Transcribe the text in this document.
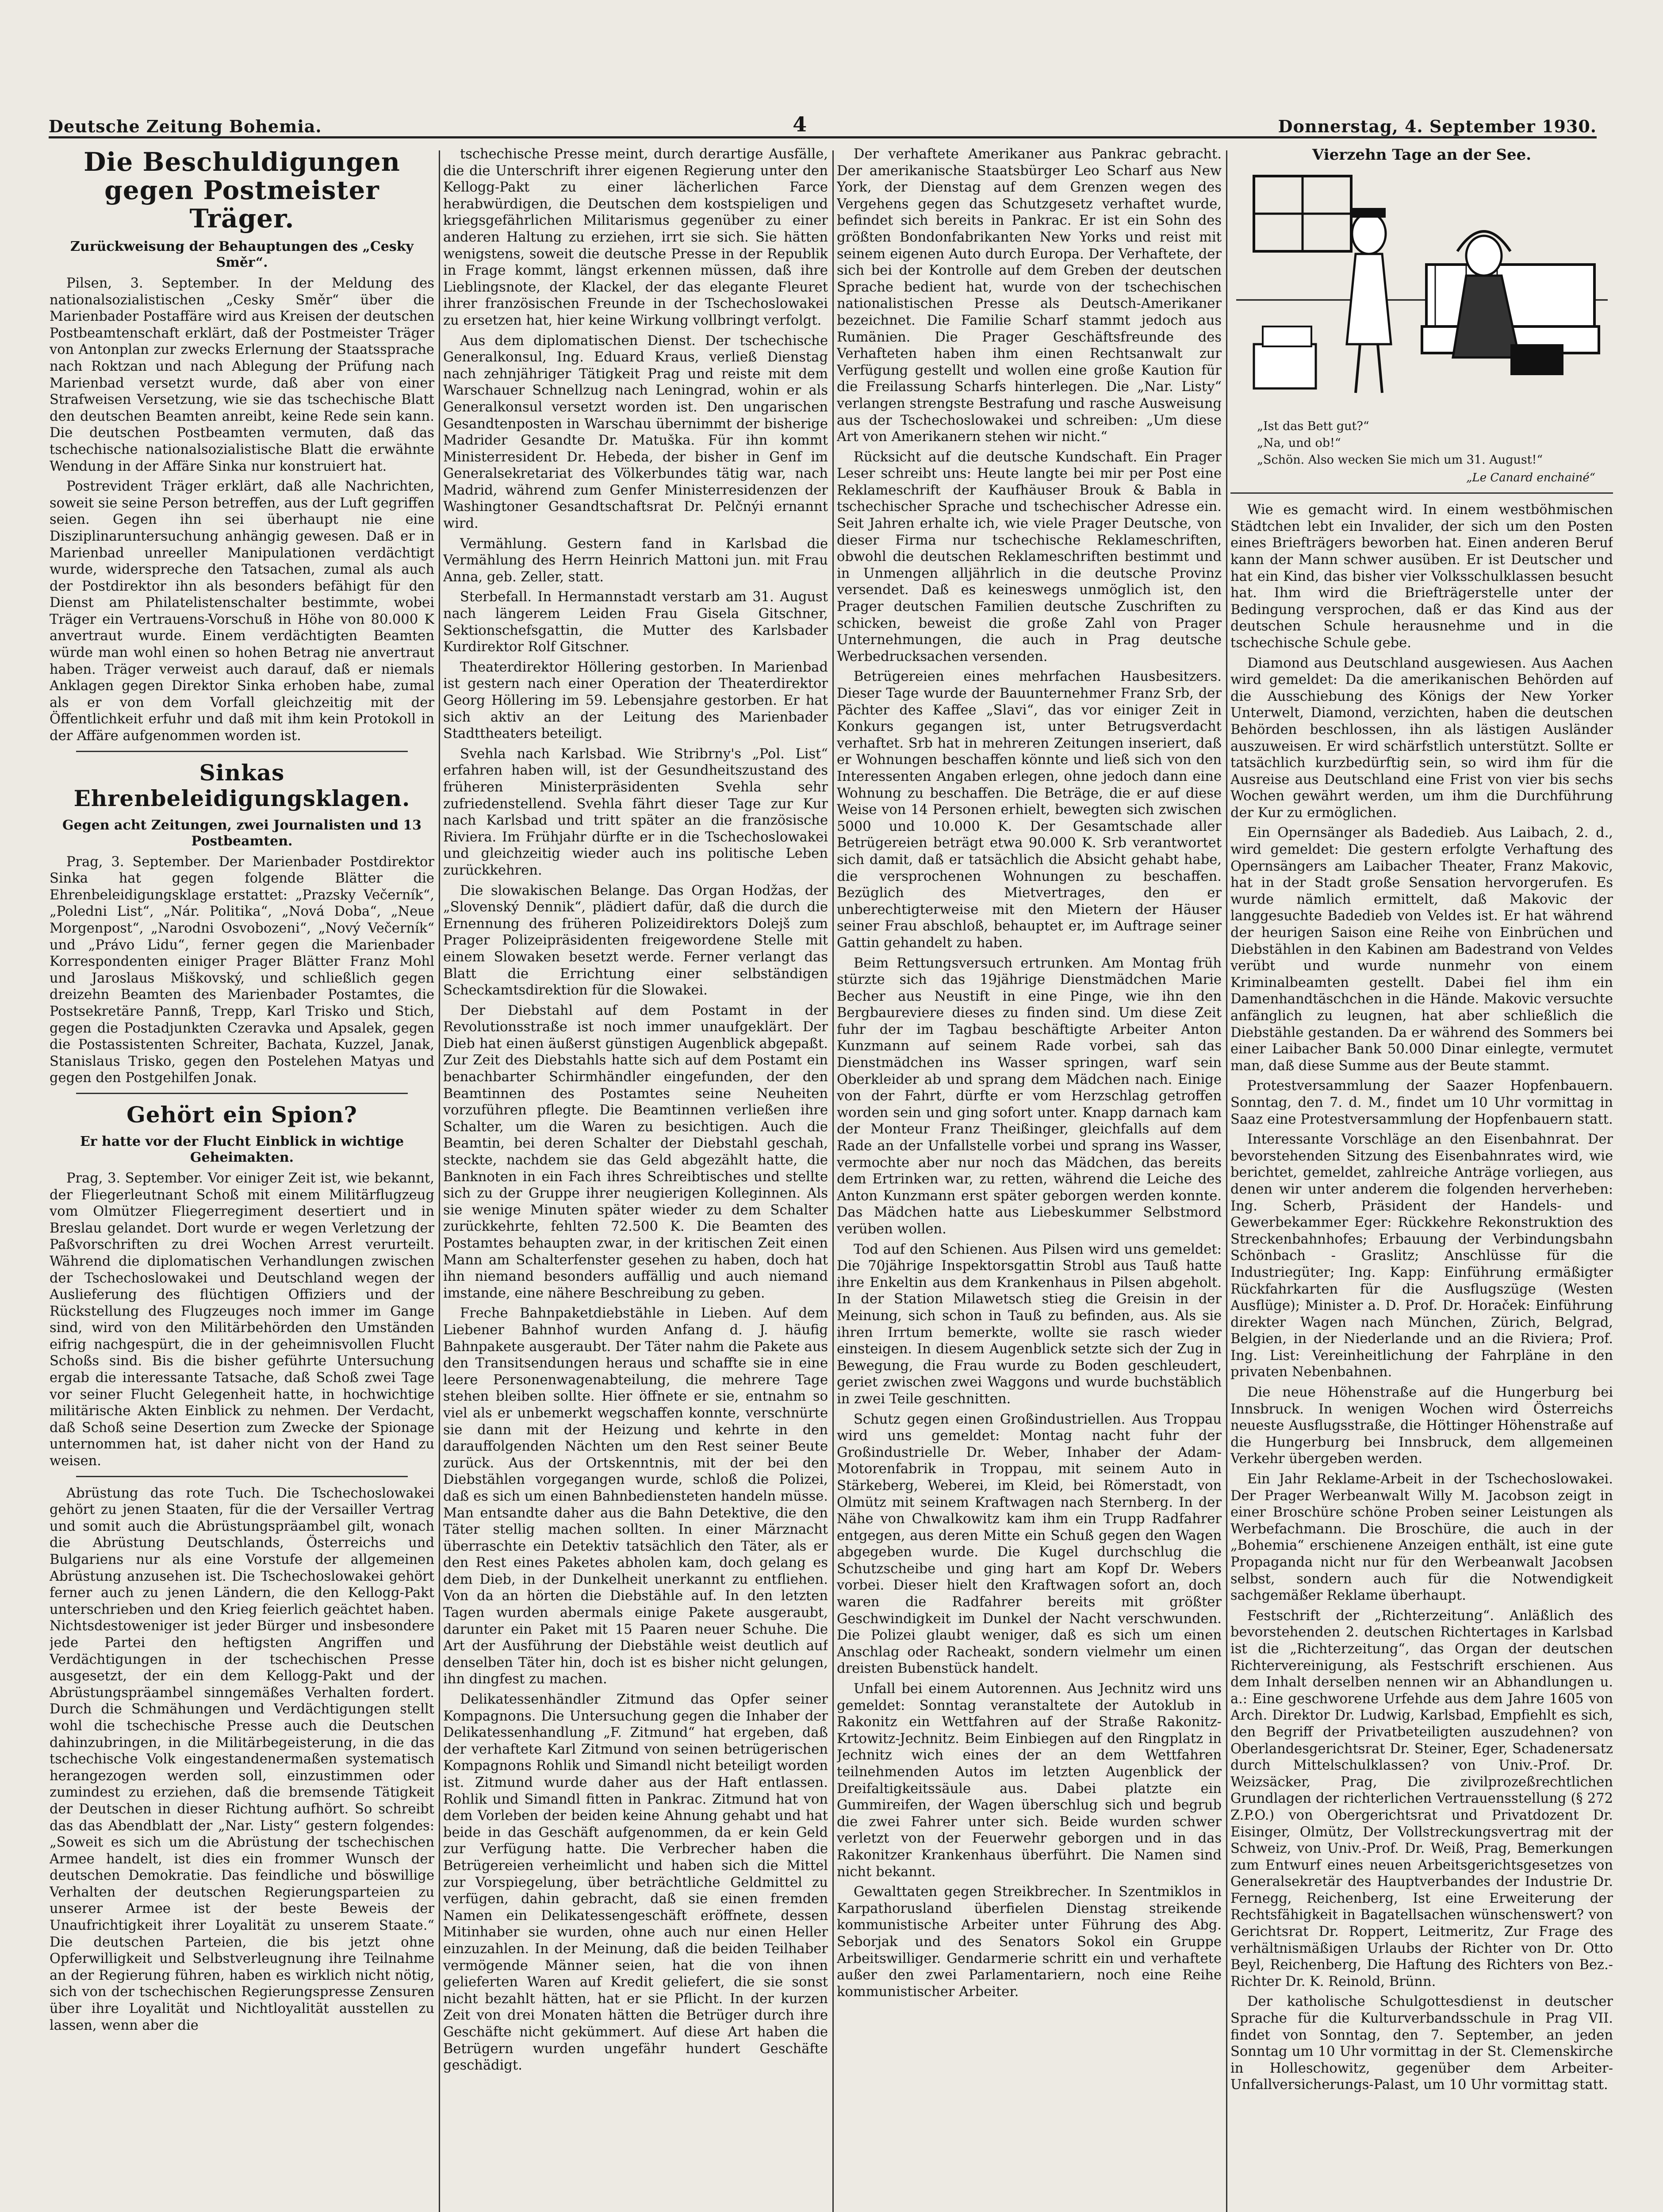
Deutsche Zeitung Bohemia.	4	Donnerstag, 4. September 1930.
Die Beschuldigungen gegen Postmeister Träger.
Zurückweisung der Behauptungen des „Cesky Směr“.

Pilsen, 3. September. In der Meldung des nationalsozialistischen „Cesky Směr“ über die Marienbader Postaffäre wird aus Kreisen der deutschen Postbeamtenschaft erklärt, daß der Postmeister Träger von Antonplan zur zwecks Erlernung der Staatssprache nach Roktzan und nach Ablegung der Prüfung nach Marienbad versetzt wurde, daß aber von einer Strafweisen Versetzung, wie sie das tschechische Blatt den deutschen Beamten anreibt, keine Rede sein kann. Die deutschen Postbeamten vermuten, daß das tschechische nationalsozialistische Blatt die erwähnte Wendung in der Affäre Sinka nur konstruiert hat.

Postrevident Träger erklärt, daß alle Nachrichten, soweit sie seine Person betreffen, aus der Luft gegriffen seien. Gegen ihn sei überhaupt nie eine Disziplinaruntersuchung anhängig gewesen. Daß er in Marienbad unreeller Manipulationen verdächtigt wurde, widerspreche den Tatsachen, zumal als auch der Postdirektor ihn als besonders befähigt für den Dienst am Philatelistenschalter bestimmte, wobei Träger ein Vertrauens-Vorschuß in Höhe von 80.000 K anvertraut wurde. Einem verdächtigten Beamten würde man wohl einen so hohen Betrag nie anvertraut haben. Träger verweist auch darauf, daß er niemals Anklagen gegen Direktor Sinka erhoben habe, zumal als er von dem Vorfall gleichzeitig mit der Öffentlichkeit erfuhr und daß mit ihm kein Protokoll in der Affäre aufgenommen worden ist.

Sinkas Ehrenbeleidigungsklagen.
Gegen acht Zeitungen, zwei Journalisten und 13 Postbeamten.

Prag, 3. September. Der Marienbader Postdirektor Sinka hat gegen folgende Blätter die Ehrenbeleidigungsklage erstattet: „Prazsky Večerník“, „Poledni List“, „Nár. Politika“, „Nová Doba“, „Neue Morgenpost“, „Narodni Osvobozeni“, „Nový Večerník“ und „Právo Lidu“, ferner gegen die Marienbader Korrespondenten einiger Prager Blätter Franz Mohl und Jaroslaus Miškovský, und schließlich gegen dreizehn Beamten des Marienbader Postamtes, die Postsekretäre Pannß, Trepp, Karl Trisko und Stich, gegen die Postadjunkten Czeravka und Apsalek, gegen die Postassistenten Schreiter, Bachata, Kuzzel, Janak, Stanislaus Trisko, gegen den Postelehen Matyas und gegen den Postgehilfen Jonak.

Gehört ein Spion?
Er hatte vor der Flucht Einblick in wichtige Geheimakten.

Prag, 3. September. Vor einiger Zeit ist, wie bekannt, der Fliegerleutnant Schoß mit einem Militärflugzeug vom Olmützer Fliegerregiment desertiert und in Breslau gelandet. Dort wurde er wegen Verletzung der Paßvorschriften zu drei Wochen Arrest verurteilt. Während die diplomatischen Verhandlungen zwischen der Tschechoslowakei und Deutschland wegen der Auslieferung des flüchtigen Offiziers und der Rückstellung des Flugzeuges noch immer im Gange sind, wird von den Militärbehörden den Umständen eifrig nachgespürt, die in der geheimnisvollen Flucht Schoßs sind. Bis die bisher geführte Untersuchung ergab die interessante Tatsache, daß Schoß zwei Tage vor seiner Flucht Gelegenheit hatte, in hochwichtige militärische Akten Einblick zu nehmen. Der Verdacht, daß Schoß seine Desertion zum Zwecke der Spionage unternommen hat, ist daher nicht von der Hand zu weisen.

Abrüstung das rote Tuch. Die Tschechoslowakei gehört zu jenen Staaten, für die der Versailler Vertrag und somit auch die Abrüstungspräambel gilt, wonach die Abrüstung Deutschlands, Österreichs und Bulgariens nur als eine Vorstufe der allgemeinen Abrüstung anzusehen ist. Die Tschechoslowakei gehört ferner auch zu jenen Ländern, die den Kellogg-Pakt unterschrieben und den Krieg feierlich geächtet haben. Nichtsdestoweniger ist jeder Bürger und insbesondere jede Partei den heftigsten Angriffen und Verdächtigungen in der tschechischen Presse ausgesetzt, der ein dem Kellogg-Pakt und der Abrüstungspräambel sinngemäßes Verhalten fordert. Durch die Schmähungen und Verdächtigungen stellt wohl die tschechische Presse auch die Deutschen dahinzubringen, in die Militärbegeisterung, in die das tschechische Volk eingestandenermaßen systematisch herangezogen werden soll, einzustimmen oder zumindest zu erziehen, daß die bremsende Tätigkeit der Deutschen in dieser Richtung aufhört. So schreibt das das Abendblatt der „Nar. Listy“ gestern folgendes: „Soweit es sich um die Abrüstung der tschechischen Armee handelt, ist dies ein frommer Wunsch der deutschen Demokratie. Das feindliche und böswillige Verhalten der deutschen Regierungsparteien zu unserer Armee ist der beste Beweis der Unaufrichtigkeit ihrer Loyalität zu unserem Staate.“ Die deutschen Parteien, die bis jetzt ohne Opferwilligkeit und Selbstverleugnung ihre Teilnahme an der Regierung führen, haben es wirklich nicht nötig, sich von der tschechischen Regierungspresse Zensuren über ihre Loyalität und Nichtloyalität ausstellen zu lassen, wenn aber die

tschechische Presse meint, durch derartige Ausfälle, die die Unterschrift ihrer eigenen Regierung unter den Kellogg-Pakt zu einer lächerlichen Farce herabwürdigen, die Deutschen dem kostspieligen und kriegsgefährlichen Militarismus gegenüber zu einer anderen Haltung zu erziehen, irrt sie sich. Sie hätten wenigstens, soweit die deutsche Presse in der Republik in Frage kommt, längst erkennen müssen, daß ihre Lieblingsnote, der Klackel, der das elegante Fleuret ihrer französischen Freunde in der Tschechoslowakei zu ersetzen hat, hier keine Wirkung vollbringt verfolgt.

Aus dem diplomatischen Dienst. Der tschechische Generalkonsul, Ing. Eduard Kraus, verließ Dienstag nach zehnjähriger Tätigkeit Prag und reiste mit dem Warschauer Schnellzug nach Leningrad, wohin er als Generalkonsul versetzt worden ist. Den ungarischen Gesandtenposten in Warschau übernimmt der bisherige Madrider Gesandte Dr. Matuška. Für ihn kommt Ministerresident Dr. Hebeda, der bisher in Genf im Generalsekretariat des Völkerbundes tätig war, nach Madrid, während zum Genfer Ministerresidenzen der Washingtoner Gesandtschaftsrat Dr. Pelčnýi ernannt wird.

Vermählung. Gestern fand in Karlsbad die Vermählung des Herrn Heinrich Mattoni jun. mit Frau Anna, geb. Zeller, statt.

Sterbefall. In Hermannstadt verstarb am 31. August nach längerem Leiden Frau Gisela Gitschner, Sektionschefsgattin, die Mutter des Karlsbader Kurdirektor Rolf Gitschner.

Theaterdirektor Höllering gestorben. In Marienbad ist gestern nach einer Operation der Theaterdirektor Georg Höllering im 59. Lebensjahre gestorben. Er hat sich aktiv an der Leitung des Marienbader Stadttheaters beteiligt.

Svehla nach Karlsbad. Wie Stribrny's „Pol. List“ erfahren haben will, ist der Gesundheitszustand des früheren Ministerpräsidenten Svehla sehr zufriedenstellend. Svehla fährt dieser Tage zur Kur nach Karlsbad und tritt später an die französische Riviera. Im Frühjahr dürfte er in die Tschechoslowakei und gleichzeitig wieder auch ins politische Leben zurückkehren.

Die slowakischen Belange. Das Organ Hodžas, der „Slovenský Dennik“, plädiert dafür, daß die durch die Ernennung des früheren Polizeidirektors Dolejš zum Prager Polizeipräsidenten freigewordene Stelle mit einem Slowaken besetzt werde. Ferner verlangt das Blatt die Errichtung einer selbständigen Scheckamtsdirektion für die Slowakei.

Der Diebstahl auf dem Postamt in der Revolutionsstraße ist noch immer unaufgeklärt. Der Dieb hat einen äußerst günstigen Augenblick abgepaßt. Zur Zeit des Diebstahls hatte sich auf dem Postamt ein benachbarter Schirmhändler eingefunden, der den Beamtinnen des Postamtes seine Neuheiten vorzuführen pflegte. Die Beamtinnen verließen ihre Schalter, um die Waren zu besichtigen. Auch die Beamtin, bei deren Schalter der Diebstahl geschah, steckte, nachdem sie das Geld abgezählt hatte, die Banknoten in ein Fach ihres Schreibtisches und stellte sich zu der Gruppe ihrer neugierigen Kolleginnen. Als sie wenige Minuten später wieder zu dem Schalter zurückkehrte, fehlten 72.500 K. Die Beamten des Postamtes behaupten zwar, in der kritischen Zeit einen Mann am Schalterfenster gesehen zu haben, doch hat ihn niemand besonders auffällig und auch niemand imstande, eine nähere Beschreibung zu geben.

Freche Bahnpaketdiebstähle in Lieben. Auf dem Liebener Bahnhof wurden Anfang d. J. häufig Bahnpakete ausgeraubt. Der Täter nahm die Pakete aus den Transitsendungen heraus und schaffte sie in eine leere Personenwagenabteilung, die mehrere Tage stehen bleiben sollte. Hier öffnete er sie, entnahm so viel als er unbemerkt wegschaffen konnte, verschnürte sie dann mit der Heizung und kehrte in den darauffolgenden Nächten um den Rest seiner Beute zurück. Aus der Ortskenntnis, mit der bei den Diebstählen vorgegangen wurde, schloß die Polizei, daß es sich um einen Bahnbediensteten handeln müsse. Man entsandte daher aus die Bahn Detektive, die den Täter stellig machen sollten. In einer Märznacht überraschte ein Detektiv tatsächlich den Täter, als er den Rest eines Paketes abholen kam, doch gelang es dem Dieb, in der Dunkelheit unerkannt zu entfliehen. Von da an hörten die Diebstähle auf. In den letzten Tagen wurden abermals einige Pakete ausgeraubt, darunter ein Paket mit 15 Paaren neuer Schuhe. Die Art der Ausführung der Diebstähle weist deutlich auf denselben Täter hin, doch ist es bisher nicht gelungen, ihn dingfest zu machen.

Delikatessenhändler Zitmund das Opfer seiner Kompagnons. Die Untersuchung gegen die Inhaber der Delikatessenhandlung „F. Zitmund“ hat ergeben, daß der verhaftete Karl Zitmund von seinen betrügerischen Kompagnons Rohlik und Simandl nicht beteiligt worden ist. Zitmund wurde daher aus der Haft entlassen. Rohlik und Simandl fitten in Pankrac. Zitmund hat von dem Vorleben der beiden keine Ahnung gehabt und hat beide in das Geschäft aufgenommen, da er kein Geld zur Verfügung hatte. Die Verbrecher haben die Betrügereien verheimlicht und haben sich die Mittel zur Vorspiegelung, über beträchtliche Geldmittel zu verfügen, dahin gebracht, daß sie einen fremden Namen ein Delikatessengeschäft eröffnete, dessen Mitinhaber sie wurden, ohne auch nur einen Heller einzuzahlen. In der Meinung, daß die beiden Teilhaber vermögende Männer seien, hat die von ihnen gelieferten Waren auf Kredit geliefert, die sie sonst nicht bezahlt hätten, hat er sie Pflicht. In der kurzen Zeit von drei Monaten hätten die Betrüger durch ihre Geschäfte nicht gekümmert. Auf diese Art haben die Betrügern wurden ungefähr hundert Geschäfte geschädigt.

Der verhaftete Amerikaner aus Pankrac gebracht. Der amerikanische Staatsbürger Leo Scharf aus New York, der Dienstag auf dem Grenzen wegen des Vergehens gegen das Schutzgesetz verhaftet wurde, befindet sich bereits in Pankrac. Er ist ein Sohn des größten Bondonfabrikanten New Yorks und reist mit seinem eigenen Auto durch Europa. Der Verhaftete, der sich bei der Kontrolle auf dem Greben der deutschen Sprache bedient hat, wurde von der tschechischen nationalistischen Presse als Deutsch-Amerikaner bezeichnet. Die Familie Scharf stammt jedoch aus Rumänien. Die Prager Geschäftsfreunde des Verhafteten haben ihm einen Rechtsanwalt zur Verfügung gestellt und wollen eine große Kaution für die Freilassung Scharfs hinterlegen. Die „Nar. Listy“ verlangen strengste Bestrafung und rasche Ausweisung aus der Tschechoslowakei und schreiben: „Um diese Art von Amerikanern stehen wir nicht.“

Rücksicht auf die deutsche Kundschaft. Ein Prager Leser schreibt uns: Heute langte bei mir per Post eine Reklameschrift der Kaufhäuser Brouk & Babla in tschechischer Sprache und tschechischer Adresse ein. Seit Jahren erhalte ich, wie viele Prager Deutsche, von dieser Firma nur tschechische Reklameschriften, obwohl die deutschen Reklameschriften bestimmt und in Unmengen alljährlich in die deutsche Provinz versendet. Daß es keineswegs unmöglich ist, den Prager deutschen Familien deutsche Zuschriften zu schicken, beweist die große Zahl von Prager Unternehmungen, die auch in Prag deutsche Werbedrucksachen versenden.

Betrügereien eines mehrfachen Hausbesitzers. Dieser Tage wurde der Bauunternehmer Franz Srb, der Pächter des Kaffee „Slavi“, das vor einiger Zeit in Konkurs gegangen ist, unter Betrugsverdacht verhaftet. Srb hat in mehreren Zeitungen inseriert, daß er Wohnungen beschaffen könnte und ließ sich von den Interessenten Angaben erlegen, ohne jedoch dann eine Wohnung zu beschaffen. Die Beträge, die er auf diese Weise von 14 Personen erhielt, bewegten sich zwischen 5000 und 10.000 K. Der Gesamtschade aller Betrügereien beträgt etwa 90.000 K. Srb verantwortet sich damit, daß er tatsächlich die Absicht gehabt habe, die versprochenen Wohnungen zu beschaffen. Bezüglich des Mietvertrages, den er unberechtigterweise mit den Mietern der Häuser seiner Frau abschloß, behauptet er, im Auftrage seiner Gattin gehandelt zu haben.

Beim Rettungsversuch ertrunken. Am Montag früh stürzte sich das 19jährige Dienstmädchen Marie Becher aus Neustift in eine Pinge, wie ihn den Bergbaureviere dieses zu finden sind. Um diese Zeit fuhr der im Tagbau beschäftigte Arbeiter Anton Kunzmann auf seinem Rade vorbei, sah das Dienstmädchen ins Wasser springen, warf sein Oberkleider ab und sprang dem Mädchen nach. Einige von der Fahrt, dürfte er vom Herzschlag getroffen worden sein und ging sofort unter. Knapp darnach kam der Monteur Franz Theißinger, gleichfalls auf dem Rade an der Unfallstelle vorbei und sprang ins Wasser, vermochte aber nur noch das Mädchen, das bereits dem Ertrinken war, zu retten, während die Leiche des Anton Kunzmann erst später geborgen werden konnte. Das Mädchen hatte aus Liebeskummer Selbstmord verüben wollen.

Tod auf den Schienen. Aus Pilsen wird uns gemeldet: Die 70jährige Inspektorsgattin Strobl aus Tauß hatte ihre Enkeltin aus dem Krankenhaus in Pilsen abgeholt. In der Station Milawetsch stieg die Greisin in der Meinung, sich schon in Tauß zu befinden, aus. Als sie ihren Irrtum bemerkte, wollte sie rasch wieder einsteigen. In diesem Augenblick setzte sich der Zug in Bewegung, die Frau wurde zu Boden geschleudert, geriet zwischen zwei Waggons und wurde buchstäblich in zwei Teile geschnitten.

Schutz gegen einen Großindustriellen. Aus Troppau wird uns gemeldet: Montag nacht fuhr der Großindustrielle Dr. Weber, Inhaber der Adam-Motorenfabrik in Troppau, mit seinem Auto in Stärkeberg, Weberei, im Kleid, bei Römerstadt, von Olmütz mit seinem Kraftwagen nach Sternberg. In der Nähe von Chwalkowitz kam ihm ein Trupp Radfahrer entgegen, aus deren Mitte ein Schuß gegen den Wagen abgegeben wurde. Die Kugel durchschlug die Schutzscheibe und ging hart am Kopf Dr. Webers vorbei. Dieser hielt den Kraftwagen sofort an, doch waren die Radfahrer bereits mit größter Geschwindigkeit im Dunkel der Nacht verschwunden. Die Polizei glaubt weniger, daß es sich um einen Anschlag oder Racheakt, sondern vielmehr um einen dreisten Bubenstück handelt.

Unfall bei einem Autorennen. Aus Jechnitz wird uns gemeldet: Sonntag veranstaltete der Autoklub in Rakonitz ein Wettfahren auf der Straße Rakonitz-Krtowitz-Jechnitz. Beim Einbiegen auf den Ringplatz in Jechnitz wich eines der an dem Wettfahren teilnehmenden Autos im letzten Augenblick der Dreifaltigkeitssäule aus. Dabei platzte ein Gummireifen, der Wagen überschlug sich und begrub die zwei Fahrer unter sich. Beide wurden schwer verletzt von der Feuerwehr geborgen und in das Rakonitzer Krankenhaus überführt. Die Namen sind nicht bekannt.

Gewalttaten gegen Streikbrecher. In Szentmiklos in Karpathorusland überfielen Dienstag streikende kommunistische Arbeiter unter Führung des Abg. Seborjak und des Senators Sokol ein Gruppe Arbeitswilliger. Gendarmerie schritt ein und verhaftete außer den zwei Parlamentariern, noch eine Reihe kommunistischer Arbeiter.

Vierzehn Tage an der See.
„Ist das Bett gut?“
„Na, und ob!“
„Schön. Also wecken Sie mich um 31. August!“
„Le Canard enchainé“

Wie es gemacht wird. In einem westböhmischen Städtchen lebt ein Invalider, der sich um den Posten eines Briefträgers beworben hat. Einen anderen Beruf kann der Mann schwer ausüben. Er ist Deutscher und hat ein Kind, das bisher vier Volksschulklassen besucht hat. Ihm wird die Briefträgerstelle unter der Bedingung versprochen, daß er das Kind aus der deutschen Schule herausnehme und in die tschechische Schule gebe.

Diamond aus Deutschland ausgewiesen. Aus Aachen wird gemeldet: Da die amerikanischen Behörden auf die Ausschiebung des Königs der New Yorker Unterwelt, Diamond, verzichten, haben die deutschen Behörden beschlossen, ihn als lästigen Ausländer auszuweisen. Er wird schärfstlich unterstützt. Sollte er tatsächlich kurzbedürftig sein, so wird ihm für die Ausreise aus Deutschland eine Frist von vier bis sechs Wochen gewährt werden, um ihm die Durchführung der Kur zu ermöglichen.

Ein Opernsänger als Badedieb. Aus Laibach, 2. d., wird gemeldet: Die gestern erfolgte Verhaftung des Opernsängers am Laibacher Theater, Franz Makovic, hat in der Stadt große Sensation hervorgerufen. Es wurde nämlich ermittelt, daß Makovic der langgesuchte Badedieb von Veldes ist. Er hat während der heurigen Saison eine Reihe von Einbrüchen und Diebstählen in den Kabinen am Badestrand von Veldes verübt und wurde nunmehr von einem Kriminalbeamten gestellt. Dabei fiel ihm ein Damenhandtäschchen in die Hände. Makovic versuchte anfänglich zu leugnen, hat aber schließlich die Diebstähle gestanden. Da er während des Sommers bei einer Laibacher Bank 50.000 Dinar einlegte, vermutet man, daß diese Summe aus der Beute stammt.

Protestversammlung der Saazer Hopfenbauern. Sonntag, den 7. d. M., findet um 10 Uhr vormittag in Saaz eine Protestversammlung der Hopfenbauern statt.

Interessante Vorschläge an den Eisenbahnrat. Der bevorstehenden Sitzung des Eisenbahnrates wird, wie berichtet, gemeldet, zahlreiche Anträge vorliegen, aus denen wir unter anderem die folgenden herverheben: Ing. Scherb, Präsident der Handels- und Gewerbekammer Eger: Rückkehre Rekonstruktion des Streckenbahnhofes; Erbauung der Verbindungsbahn Schönbach - Graslitz; Anschlüsse für die Industriegüter; Ing. Kapp: Einführung ermäßigter Rückfahrkarten für die Ausflugszüge (Westen Ausflüge); Minister a. D. Prof. Dr. Horaček: Einführung direkter Wagen nach München, Zürich, Belgrad, Belgien, in der Niederlande und an die Riviera; Prof. Ing. List: Vereinheitlichung der Fahrpläne in den privaten Nebenbahnen.

Die neue Höhenstraße auf die Hungerburg bei Innsbruck. In wenigen Wochen wird Österreichs neueste Ausflugsstraße, die Höttinger Höhenstraße auf die Hungerburg bei Innsbruck, dem allgemeinen Verkehr übergeben werden.

Ein Jahr Reklame-Arbeit in der Tschechoslowakei. Der Prager Werbeanwalt Willy M. Jacobson zeigt in einer Broschüre schöne Proben seiner Leistungen als Werbefachmann. Die Broschüre, die auch in der „Bohemia“ erschienene Anzeigen enthält, ist eine gute Propaganda nicht nur für den Werbeanwalt Jacobsen selbst, sondern auch für die Notwendigkeit sachgemäßer Reklame überhaupt.

Festschrift der „Richterzeitung“. Anläßlich des bevorstehenden 2. deutschen Richtertages in Karlsbad ist die „Richterzeitung“, das Organ der deutschen Richtervereinigung, als Festschrift erschienen. Aus dem Inhalt derselben nennen wir an Abhandlungen u. a.: Eine geschworene Urfehde aus dem Jahre 1605 von Arch. Direktor Dr. Ludwig, Karlsbad, Empfiehlt es sich, den Begriff der Privatbeteiligten auszudehnen? von Oberlandesgerichtsrat Dr. Steiner, Eger, Schadenersatz durch Mittelschulklassen? von Univ.-Prof. Dr. Weizsäcker, Prag, Die zivilprozeßrechtlichen Grundlagen der richterlichen Vertrauensstellung (§ 272 Z.P.O.) von Obergerichtsrat und Privatdozent Dr. Eisinger, Olmütz, Der Vollstreckungsvertrag mit der Schweiz, von Univ.-Prof. Dr. Weiß, Prag, Bemerkungen zum Entwurf eines neuen Arbeitsgerichtsgesetzes von Generalsekretär des Hauptverbandes der Industrie Dr. Fernegg, Reichenberg, Ist eine Erweiterung der Rechtsfähigkeit in Bagatellsachen wünschenswert? von Gerichtsrat Dr. Roppert, Leitmeritz, Zur Frage des verhältnismäßigen Urlaubs der Richter von Dr. Otto Beyl, Reichenberg, Die Haftung des Richters von Bez.-Richter Dr. K. Reinold, Brünn.

Der katholische Schulgottesdienst in deutscher Sprache für die Kulturverbandsschule in Prag VII. findet von Sonntag, den 7. September, an jeden Sonntag um 10 Uhr vormittag in der St. Clemenskirche in Holleschowitz, gegenüber dem Arbeiter-Unfallversicherungs-Palast, um 10 Uhr vormittag statt.
